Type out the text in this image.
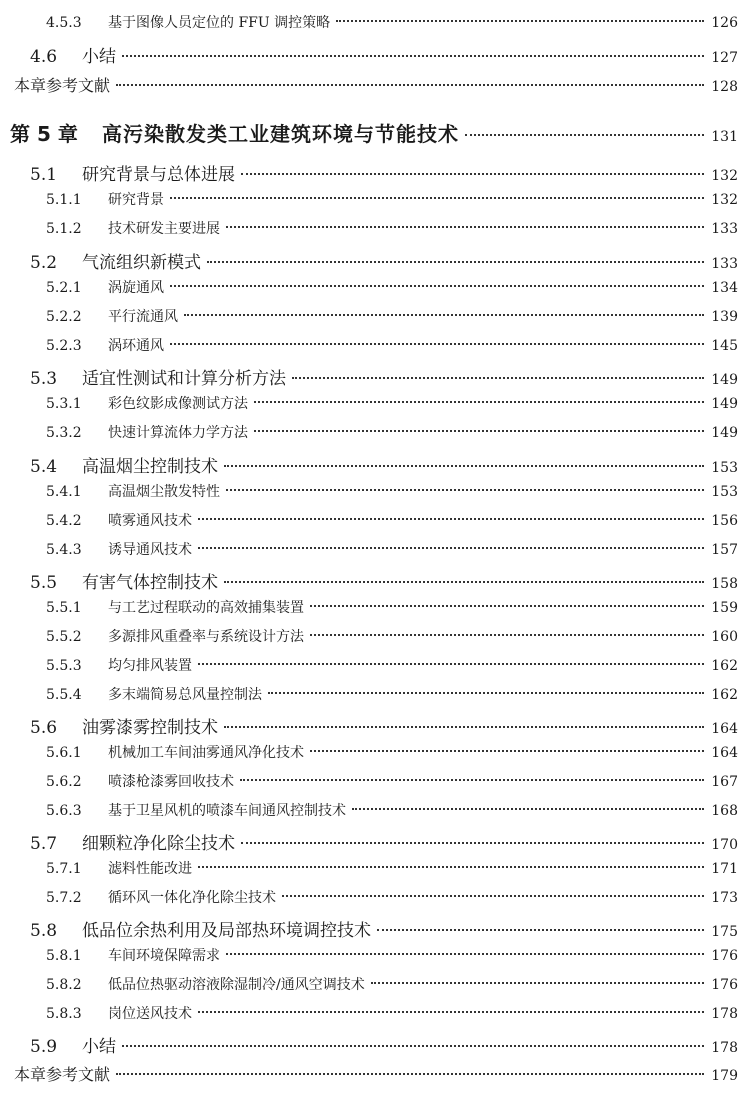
4.5.3	基于图像人员定位的 FFU 调控策略	126
4.6	小结	127
本章参考文献	128
第 5 章	高污染散发类工业建筑环境与节能技术	131
5.1	研究背景与总体进展	132
5.1.1	研究背景	132
5.1.2	技术研发主要进展	133
5.2	气流组织新模式	133
5.2.1	涡旋通风	134
5.2.2	平行流通风	139
5.2.3	涡环通风	145
5.3	适宜性测试和计算分析方法	149
5.3.1	彩色纹影成像测试方法	149
5.3.2	快速计算流体力学方法	149
5.4	高温烟尘控制技术	153
5.4.1	高温烟尘散发特性	153
5.4.2	喷雾通风技术	156
5.4.3	诱导通风技术	157
5.5	有害气体控制技术	158
5.5.1	与工艺过程联动的高效捕集装置	159
5.5.2	多源排风重叠率与系统设计方法	160
5.5.3	均匀排风装置	162
5.5.4	多末端简易总风量控制法	162
5.6	油雾漆雾控制技术	164
5.6.1	机械加工车间油雾通风净化技术	164
5.6.2	喷漆枪漆雾回收技术	167
5.6.3	基于卫星风机的喷漆车间通风控制技术	168
5.7	细颗粒净化除尘技术	170
5.7.1	滤料性能改进	171
5.7.2	循环风一体化净化除尘技术	173
5.8	低品位余热利用及局部热环境调控技术	175
5.8.1	车间环境保障需求	176
5.8.2	低品位热驱动溶液除湿制冷/通风空调技术	176
5.8.3	岗位送风技术	178
5.9	小结	178
本章参考文献	179
